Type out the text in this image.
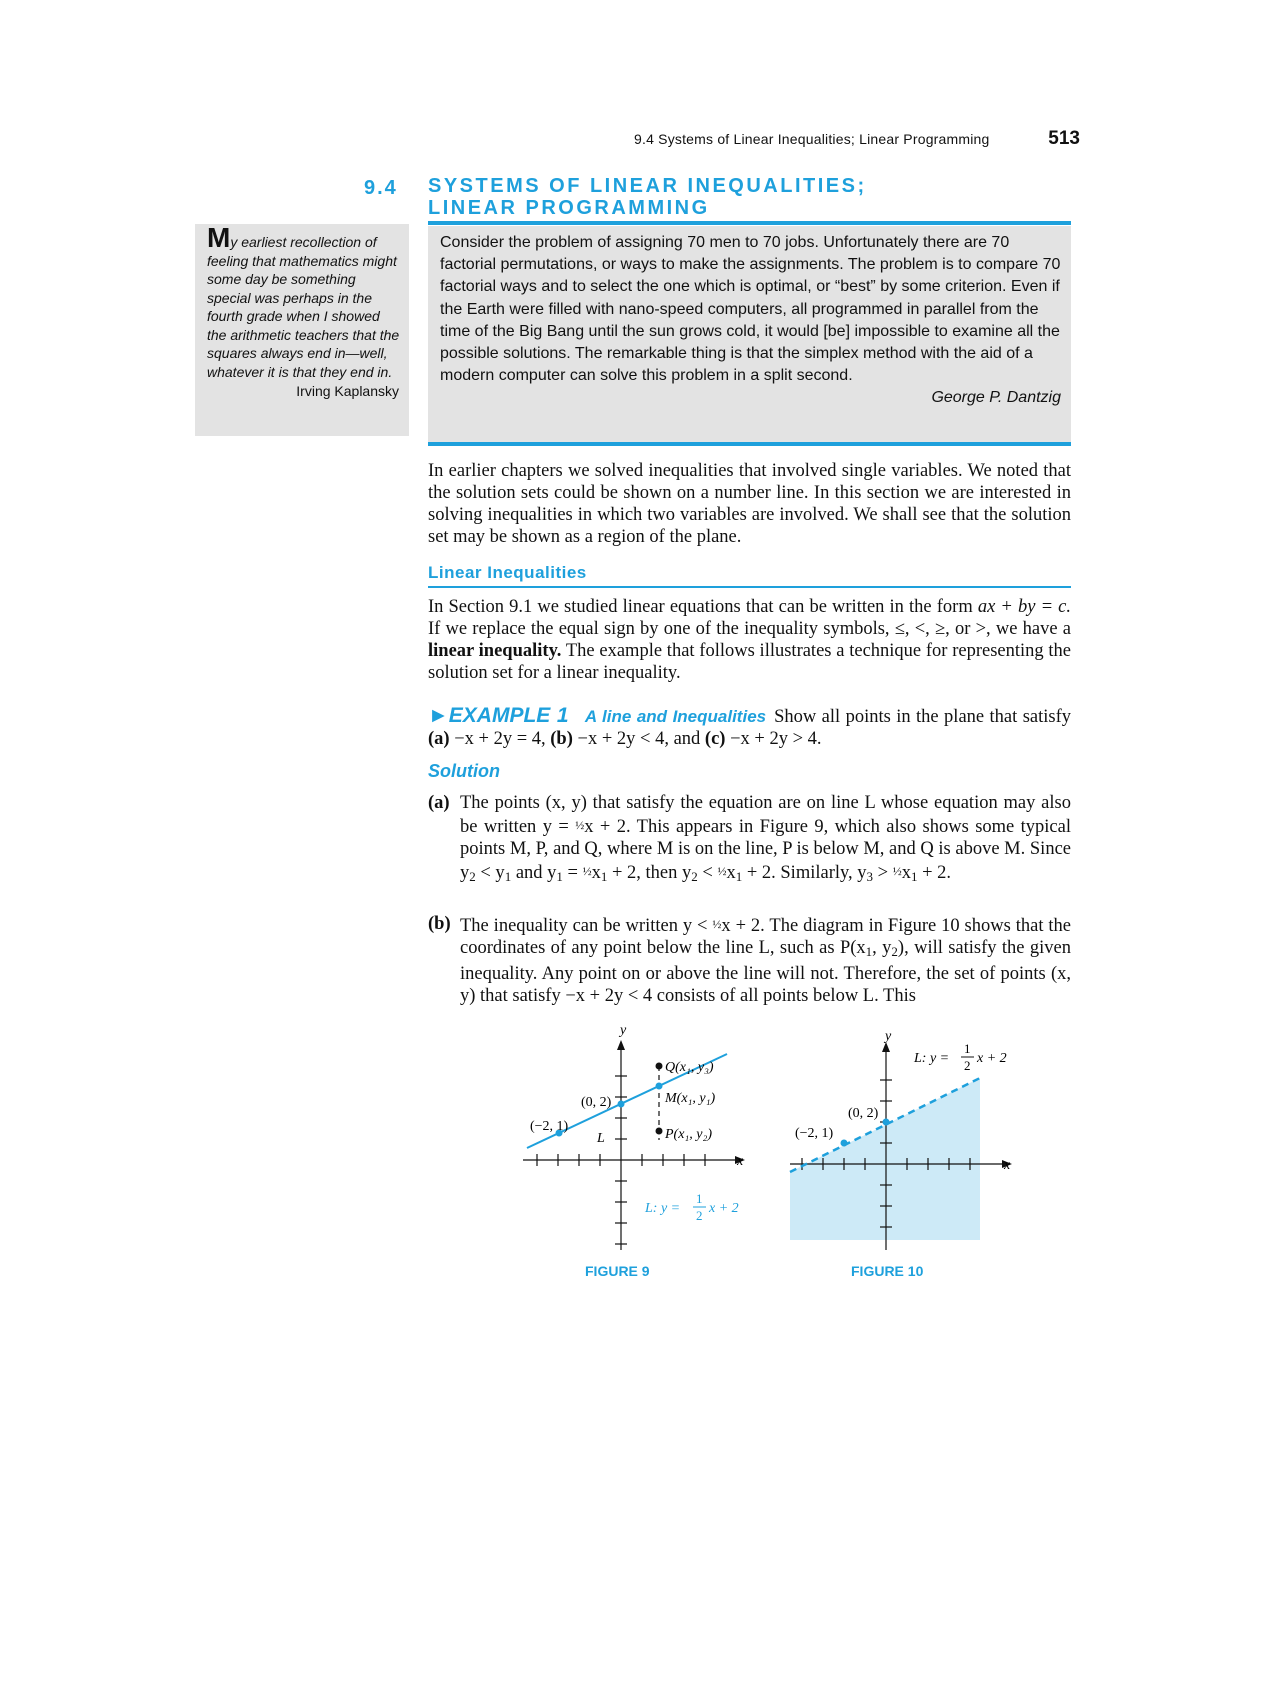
9.4 Systems of Linear Inequalities; Linear Programming	513
9.4 SYSTEMS OF LINEAR INEQUALITIES;
LINEAR PROGRAMMING
My earliest recollection of feeling that mathematics might some day be something special was perhaps in the fourth grade when I showed the arithmetic teachers that the squares always end in—well, whatever it is that they end in.
Irving Kaplansky
Consider the problem of assigning 70 men to 70 jobs. Unfortunately there are 70 factorial permutations, or ways to make the assignments. The problem is to compare 70 factorial ways and to select the one which is optimal, or “best” by some criterion. Even if the Earth were filled with nano-speed computers, all programmed in parallel from the time of the Big Bang until the sun grows cold, it would [be] impossible to examine all the possible solutions. The remarkable thing is that the simplex method with the aid of a modern computer can solve this problem in a split second.
George P. Dantzig
In earlier chapters we solved inequalities that involved single variables. We noted that the solution sets could be shown on a number line. In this section we are interested in solving inequalities in which two variables are involved. We shall see that the solution set may be shown as a region of the plane.
Linear Inequalities
In Section 9.1 we studied linear equations that can be written in the form ax + by = c. If we replace the equal sign by one of the inequality symbols, ≤, <, ≥, or >, we have a linear inequality. The example that follows illustrates a technique for representing the solution set for a linear inequality.
►EXAMPLE 1 A line and Inequalities Show all points in the plane that satisfy (a) −x + 2y = 4, (b) −x + 2y < 4, and (c) −x + 2y > 4.
Solution
(a) The points (x, y) that satisfy the equation are on line L whose equation may also be written y = ½x + 2. This appears in Figure 9, which also shows some typical points M, P, and Q, where M is on the line, P is below M, and Q is above M. Since $y_2 < y_1$ and $y_1$ = $\frac{1}{2}x_1 + 2$, then $y_2$ < $\frac{1}{2}x_1 + 2$. Similarly, $y_3$ > $\frac{1}{2}x_1 + 2$.
(b) The inequality can be written y < ½x + 2. The diagram in Figure 10 shows that the coordinates of any point below the line L, such as $P(x_1$, $y_2$), will satisfy the given inequality. Any point on or above the line will not. Therefore, the set of points (x, y) that satisfy −x + 2y < 4 consists of all points below L. This
y
x
Q(x₁, y₃)
M(x₁, y₁)
P(x₁, y₂)
(0, 2)
(−2, 1)
L
L: y =
1
2 x + 2
FIGURE 9
y
x
(0, 2)
(−2, 1)
L: y =
1
2 x + 2
FIGURE 10
